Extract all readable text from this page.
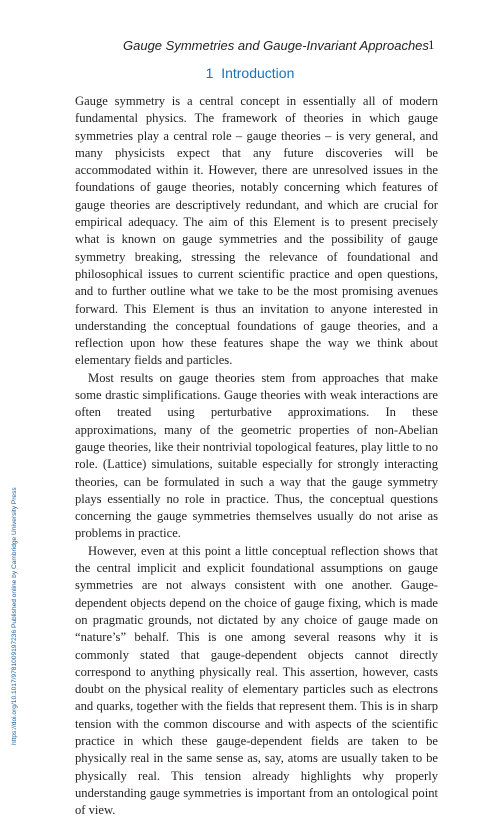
Gauge Symmetries and Gauge-Invariant Approaches 1
1 Introduction

Gauge symmetry is a central concept in essentially all of modern fundamental physics. The framework of theories in which gauge symmetries play a central role – gauge theories – is very general, and many physicists expect that any future discoveries will be accommodated within it. However, there are unresolved issues in the foundations of gauge theories, notably concerning which features of gauge theories are descriptively redundant, and which are crucial for empirical adequacy. The aim of this Element is to present precisely what is known on gauge symmetries and the possibility of gauge symmetry breaking, stressing the relevance of foundational and philosophical issues to current scientific practice and open questions, and to further outline what we take to be the most promising avenues forward. This Element is thus an invitation to anyone interested in understanding the conceptual foundations of gauge theories, and a reflection upon how these features shape the way we think about elementary fields and particles.

Most results on gauge theories stem from approaches that make some drastic simplifications. Gauge theories with weak interactions are often treated using perturbative approximations. In these approximations, many of the geometric properties of non-Abelian gauge theories, like their nontrivial topological features, play little to no role. (Lattice) simulations, suitable especially for strongly interacting theories, can be formulated in such a way that the gauge symmetry plays essentially no role in practice. Thus, the conceptual questions concerning the gauge symmetries themselves usually do not arise as problems in practice.

However, even at this point a little conceptual reflection shows that the central implicit and explicit foundational assumptions on gauge symmetries are not always consistent with one another. Gauge-dependent objects depend on the choice of gauge fixing, which is made on pragmatic grounds, not dictated by any choice of gauge made on “nature’s” behalf. This is one among several reasons why it is commonly stated that gauge-dependent objects cannot directly correspond to anything physically real. This assertion, however, casts doubt on the physical reality of elementary particles such as electrons and quarks, together with the fields that represent them. This is in sharp tension with the common discourse and with aspects of the scientific practice in which these gauge-dependent fields are taken to be physically real in the same sense as, say, atoms are usually taken to be physically real. This tension already highlights why properly understanding gauge symmetries is important from an ontological point of view.

https://doi.org/10.1017/9781009197236 Published online by Cambridge University Press
